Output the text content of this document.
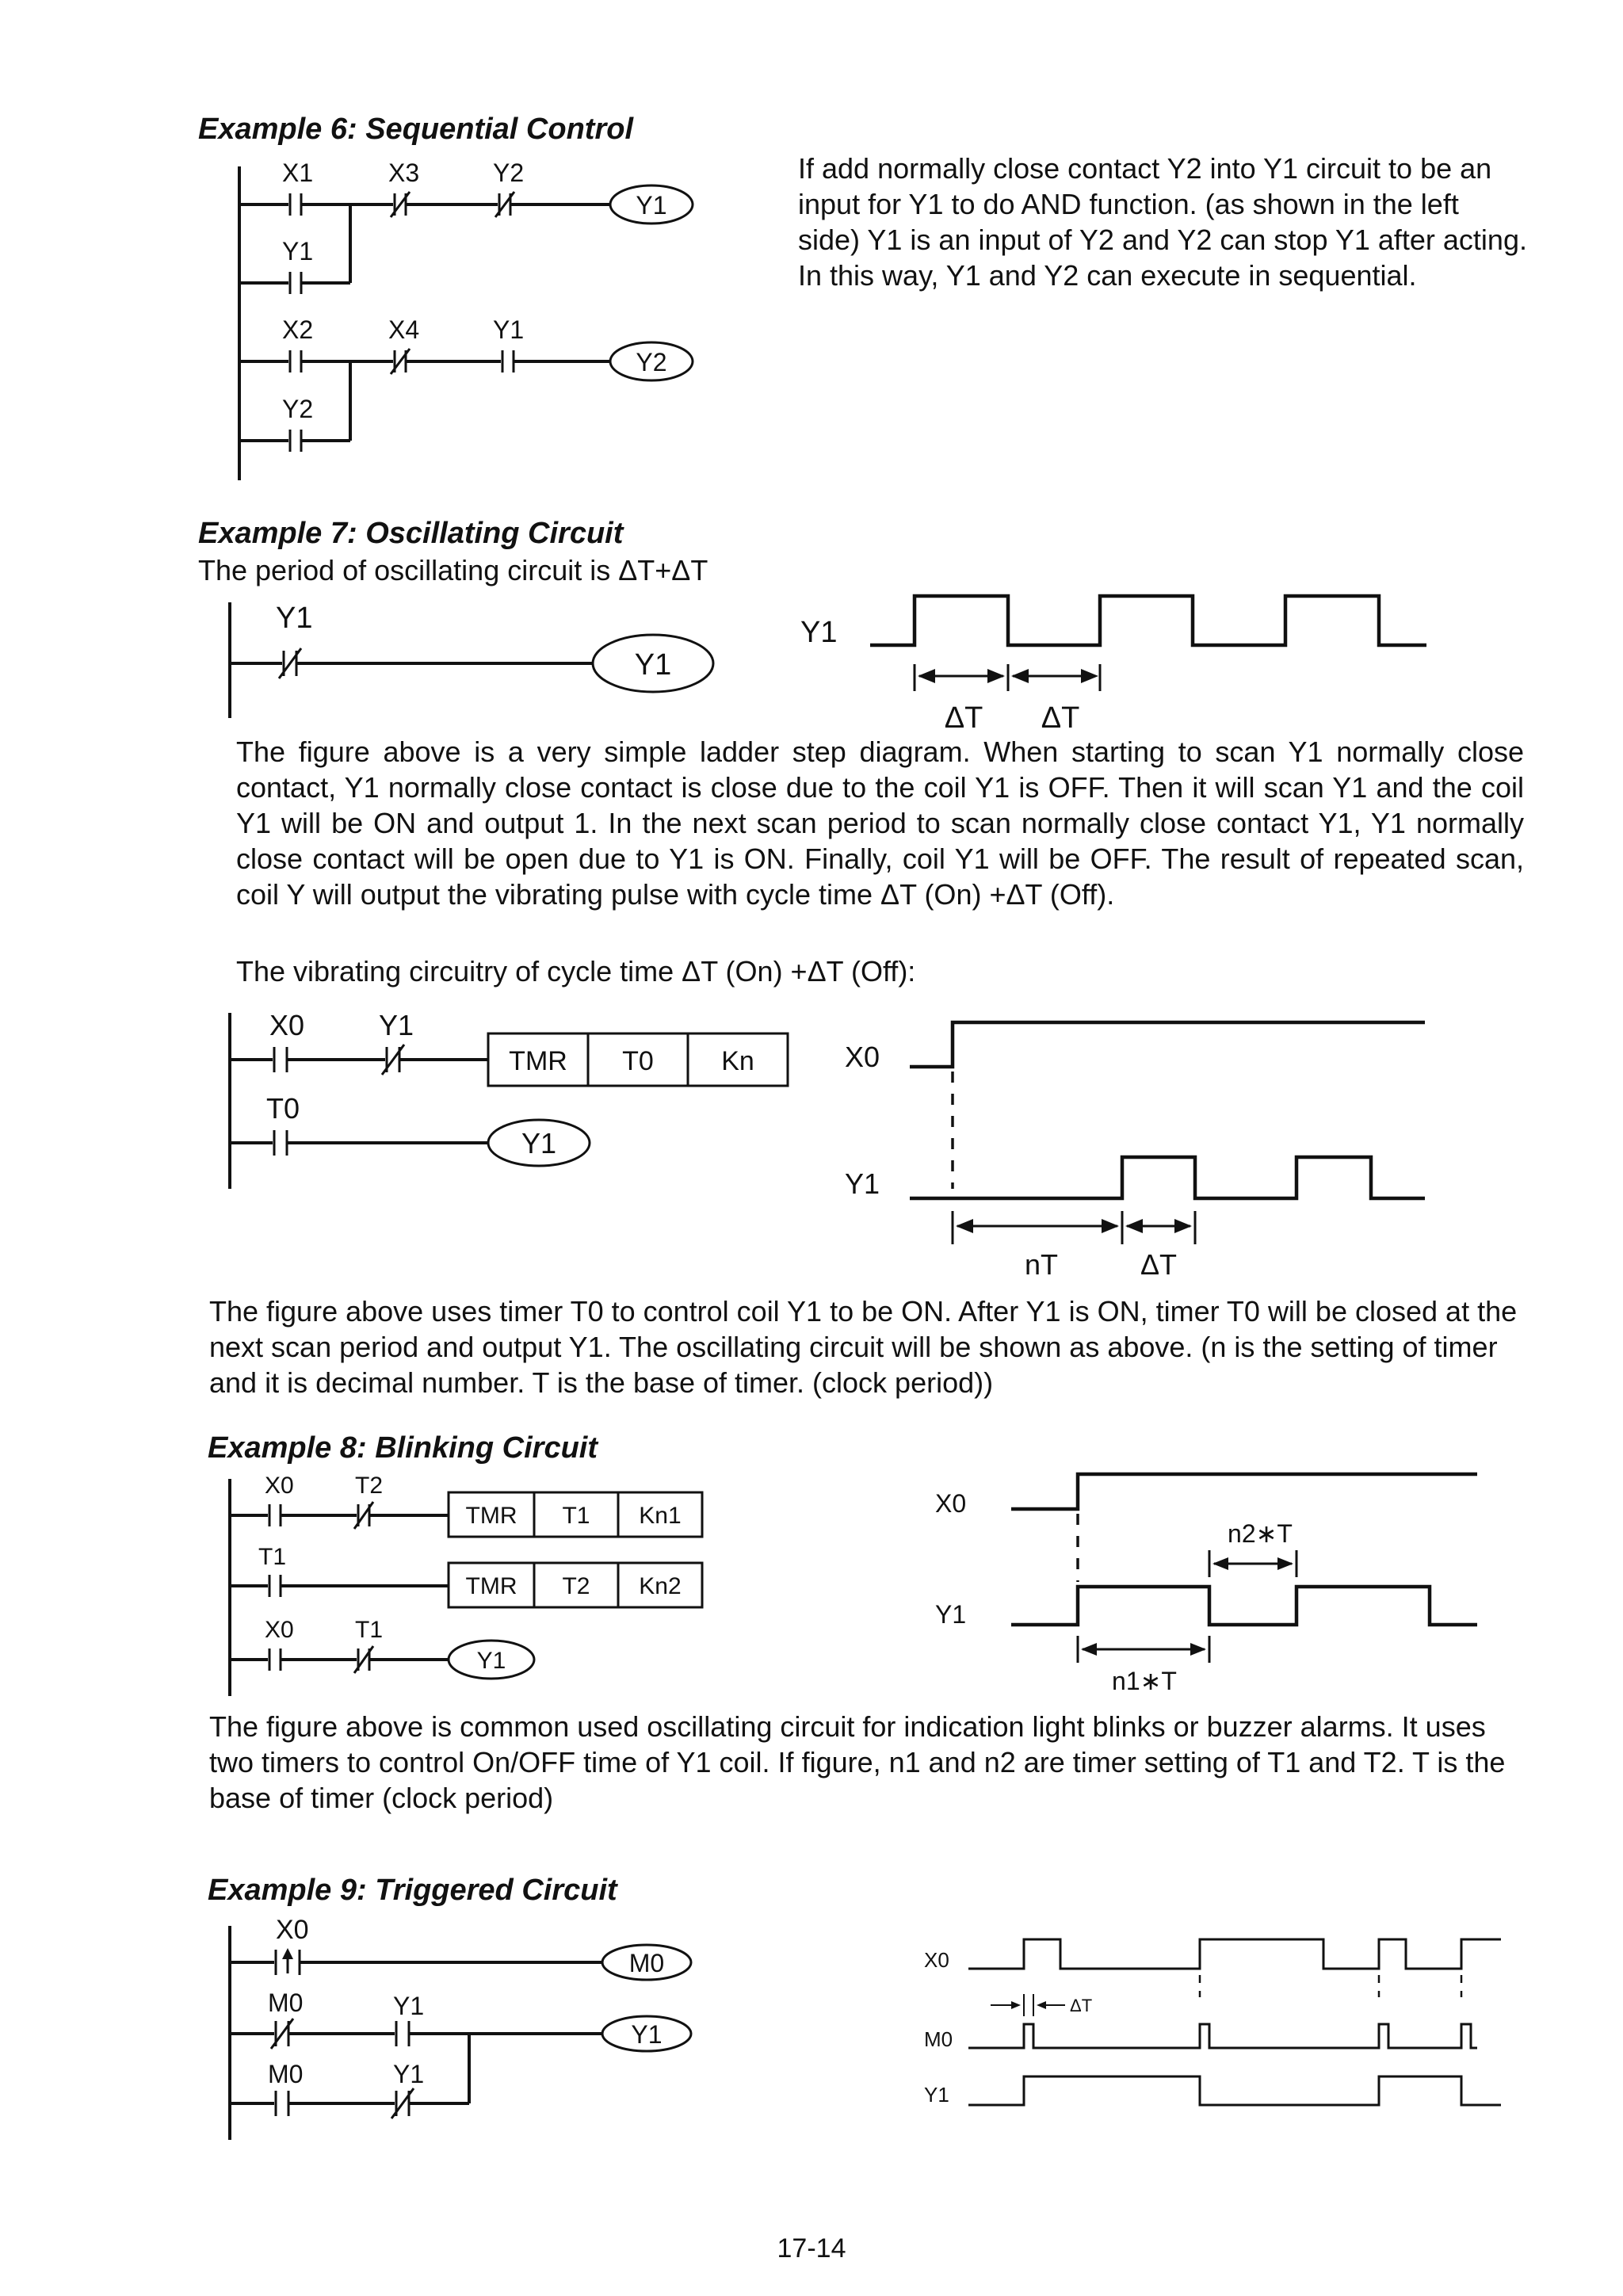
Example 6: Sequential Control
X1	X3	Y2
Y1
Y1
X2	X4	Y1
Y2
Y2
If add normally close contact Y2 into Y1 circuit to be an input for Y1 to do AND function. (as shown in the left side) Y1 is an input of Y2 and Y2 can stop Y1 after acting. In this way, Y1 and Y2 can execute in sequential.
Example 7: Oscillating Circuit
The period of oscillating circuit is ΔT+ΔT
Y1
Y1
Y1
ΔT ΔT
The figure above is a very simple ladder step diagram. When starting to scan Y1 normally close contact, Y1 normally close contact is close due to the coil Y1 is OFF. Then it will scan Y1 and the coil Y1 will be ON and output 1. In the next scan period to scan normally close contact Y1, Y1 normally close contact will be open due to Y1 is ON. Finally, coil Y1 will be OFF. The result of repeated scan, coil Y will output the vibrating pulse with cycle time ΔT (On) +ΔT (Off).
The vibrating circuitry of cycle time ΔT (On) +ΔT (Off):
X0	Y1
TMR T0	Kn
T0
Y1
X0
Y1
nT	ΔT
The figure above uses timer T0 to control coil Y1 to be ON. After Y1 is ON, timer T0 will be closed at the next scan period and output Y1. The oscillating circuit will be shown as above. (n is the setting of timer and it is decimal number. T is the base of timer. (clock period))
Example 8: Blinking Circuit
X0	T2
TMR T1 Kn1
T1
TMR T2 Kn2
X0	T1
Y1
X0
Y1
n2∗T
n1∗T
The figure above is common used oscillating circuit for indication light blinks or buzzer alarms. It uses two timers to control On/OFF time of Y1 coil. If figure, n1 and n2 are timer setting of T1 and T2. T is the base of timer (clock period)
Example 9: Triggered Circuit
X0
M0
M0	Y1
Y1
M0	Y1
X0
ΔT
M0
Y1
17-14
